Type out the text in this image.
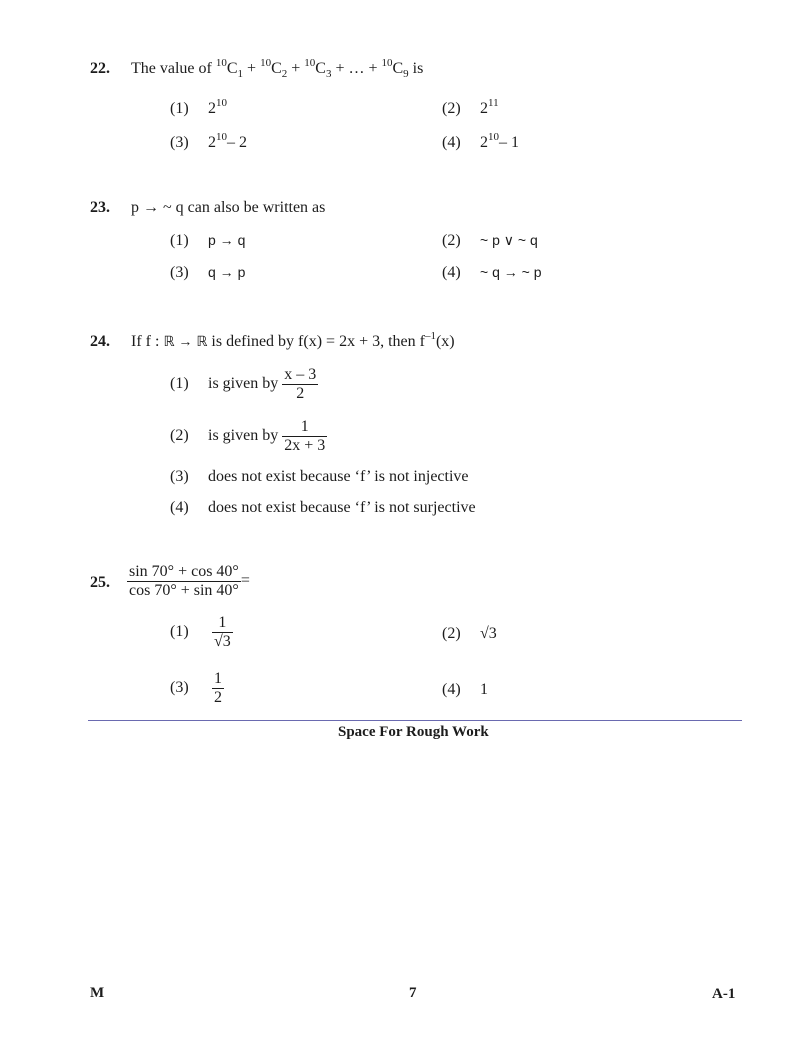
22. The value of $^{10}C_1 + ^{10}C_2 + ^{10}C_3$ + … + $^{10}C_9$ is
(1) $2^{10}$	(2) $2^{11}$
(3) $2^{10}-$ 2	(4) $2^{10}-$ 1
23. p → ~ q can also be written as
(1) p → q	(2) ~ p ∨ ~ q
(3) q → p	(4) ~ q → ~ p
24. If f : ℝ → ℝ is defined by f(x) = 2x + 3, then $f^{-1}(x)$
(1) is given by $\frac{x - 3}{2}$
(2) is given by $\frac{1}{2x + 3}$
(3) does not exist because ‘f’ is not injective
(4) does not exist because ‘f’ is not surjective
25. $\frac{\sin 70^\circ + \cos 40^\circ}{\cos 70^\circ + \sin 40^\circ}$ =
$(1) \frac{1}{√3}$	(2) √3
$(3) \frac{1}{2}$	(4) 1
Space For Rough Work
M	7	A-1
